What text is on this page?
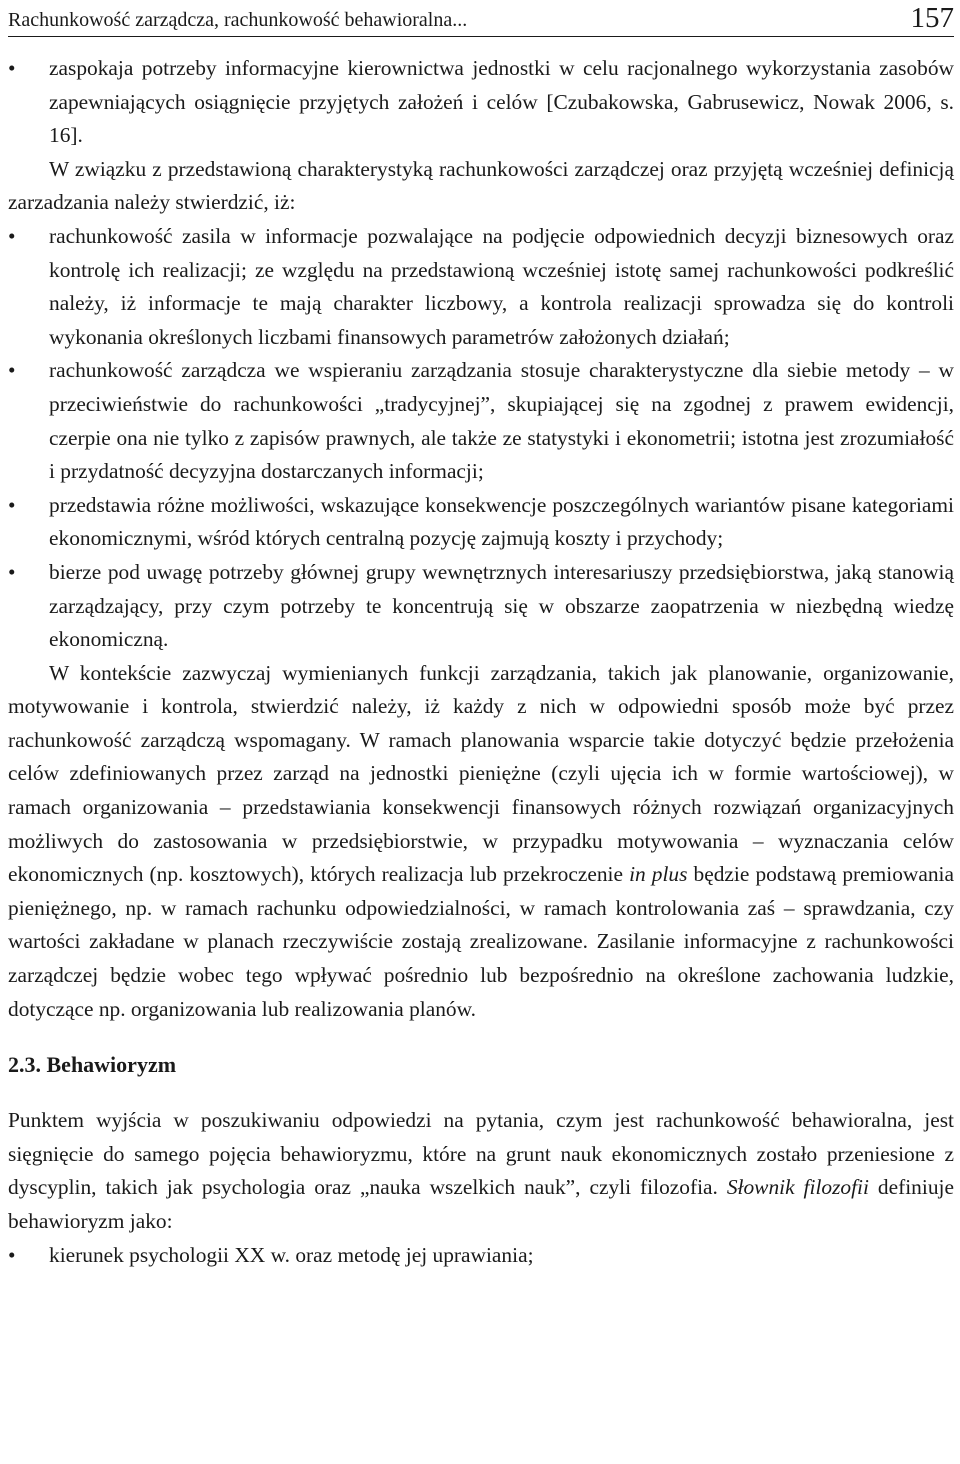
Rachunkowość zarządcza, rachunkowość behawioralna...	157

• zaspokaja potrzeby informacyjne kierownictwa jednostki w celu racjonalnego wykorzystania zasobów zapewniających osiągnięcie przyjętych założeń i celów [Czubakowska, Gabrusewicz, Nowak 2006, s. 16].

W związku z przedstawioną charakterystyką rachunkowości zarządczej oraz przyjętą wcześniej definicją zarzadzania należy stwierdzić, iż:

• rachunkowość zasila w informacje pozwalające na podjęcie odpowiednich decyzji biznesowych oraz kontrolę ich realizacji; ze względu na przedstawioną wcześniej istotę samej rachunkowości podkreślić należy, iż informacje te mają charakter liczbowy, a kontrola realizacji sprowadza się do kontroli wykonania określonych liczbami finansowych parametrów założonych działań;

• rachunkowość zarządcza we wspieraniu zarządzania stosuje charakterystyczne dla siebie metody – w przeciwieństwie do rachunkowości „tradycyjnej”, skupiającej się na zgodnej z prawem ewidencji, czerpie ona nie tylko z zapisów prawnych, ale także ze statystyki i ekonometrii; istotna jest zrozumiałość i przydatność decyzyjna dostarczanych informacji;

• przedstawia różne możliwości, wskazujące konsekwencje poszczególnych wariantów pisane kategoriami ekonomicznymi, wśród których centralną pozycję zajmują koszty i przychody;

• bierze pod uwagę potrzeby głównej grupy wewnętrznych interesariuszy przedsiębiorstwa, jaką stanowią zarządzający, przy czym potrzeby te koncentrują się w obszarze zaopatrzenia w niezbędną wiedzę ekonomiczną.

W kontekście zazwyczaj wymienianych funkcji zarządzania, takich jak planowanie, organizowanie, motywowanie i kontrola, stwierdzić należy, iż każdy z nich w odpowiedni sposób może być przez rachunkowość zarządczą wspomagany. W ramach planowania wsparcie takie dotyczyć będzie przełożenia celów zdefiniowanych przez zarząd na jednostki pieniężne (czyli ujęcia ich w formie wartościowej), w ramach organizowania – przedstawiania konsekwencji finansowych różnych rozwiązań organizacyjnych możliwych do zastosowania w przedsiębiorstwie, w przypadku motywowania – wyznaczania celów ekonomicznych (np. kosztowych), których realizacja lub przekroczenie in plus będzie podstawą premiowania pieniężnego, np. w ramach rachunku odpowiedzialności, w ramach kontrolowania zaś – sprawdzania, czy wartości zakładane w planach rzeczywiście zostają zrealizowane. Zasilanie informacyjne z rachunkowości zarządczej będzie wobec tego wpływać pośrednio lub bezpośrednio na określone zachowania ludzkie, dotyczące np. organizowania lub realizowania planów.

2.3. Behawioryzm

Punktem wyjścia w poszukiwaniu odpowiedzi na pytania, czym jest rachunkowość behawioralna, jest sięgnięcie do samego pojęcia behawioryzmu, które na grunt nauk ekonomicznych zostało przeniesione z dyscyplin, takich jak psychologia oraz „nauka wszelkich nauk”, czyli filozofia. Słownik filozofii definiuje behawioryzm jako:

• kierunek psychologii XX w. oraz metodę jej uprawiania;
